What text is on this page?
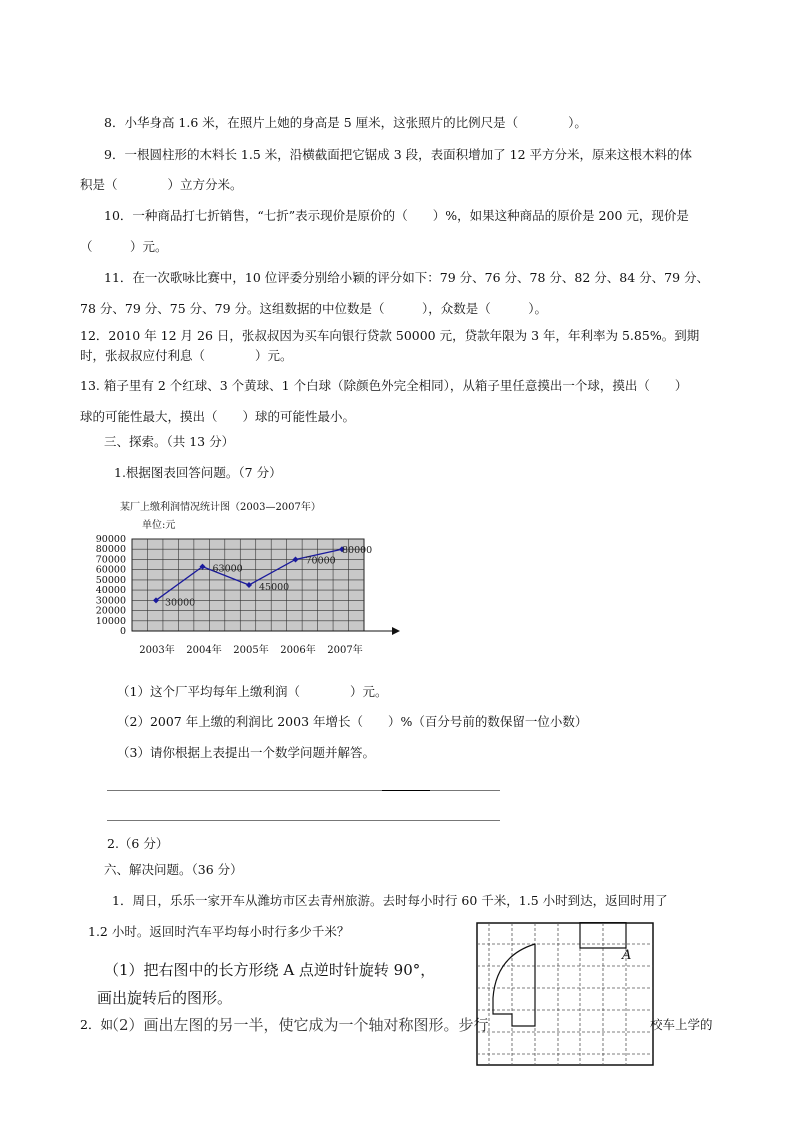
8．小华身高 1.6 米，在照片上她的身高是 5 厘米，这张照片的比例尺是（　　　　）。
9．一根圆柱形的木料长 1.5 米，沿横截面把它锯成 3 段，表面积增加了 12 平方分米，原来这根木料的体
积是（　　　　）立方分米。
10．一种商品打七折销售，“七折”表示现价是原价的（　　）%，如果这种商品的原价是 200 元，现价是
（　　　）元。
11．在一次歌咏比赛中，10 位评委分别给小颖的评分如下：79 分、76 分、78 分、82 分、84 分、79 分、
78 分、79 分、75 分、79 分。这组数据的中位数是（　　　），众数是（　　　）。
12．2010 年 12 月 26 日，张叔叔因为买车向银行贷款 50000 元，贷款年限为 3 年，年利率为 5.85%。到期
时，张叔叔应付利息（　　　　）元。
13. 箱子里有 2 个红球、3 个黄球、1 个白球（除颜色外完全相同），从箱子里任意摸出一个球，摸出（　　）
球的可能性最大，摸出（　　）球的可能性最小。
三、探索。（共 13 分）
1.根据图表回答问题。（7 分）
某厂上缴利润情况统计图（2003—2007年）
单位:元
0
10000
20000
30000
40000
50000
60000
70000
80000
90000
30000
63000
45000
70000
80000
2003年 2004年 2005年 2006年 2007年
（1）这个厂平均每年上缴利润（　　　　）元。
（2）2007 年上缴的利润比 2003 年增长（　　）%（百分号前的数保留一位小数）
（3）请你根据上表提出一个数学问题并解答。
2.（6 分）
六、解决问题。（36 分）
1．周日，乐乐一家开车从潍坊市区去青州旅游。去时每小时行 60 千米，1.5 小时到达，返回时用了
1.2 小时。返回时汽车平均每小时行多少千米？
（1）把右图中的长方形绕 A 点逆时针旋转 90°，
画出旋转后的图形。
2．如
（2）画出左图的另一半，使它成为一个轴对称图形。步行	校车上学的
A
